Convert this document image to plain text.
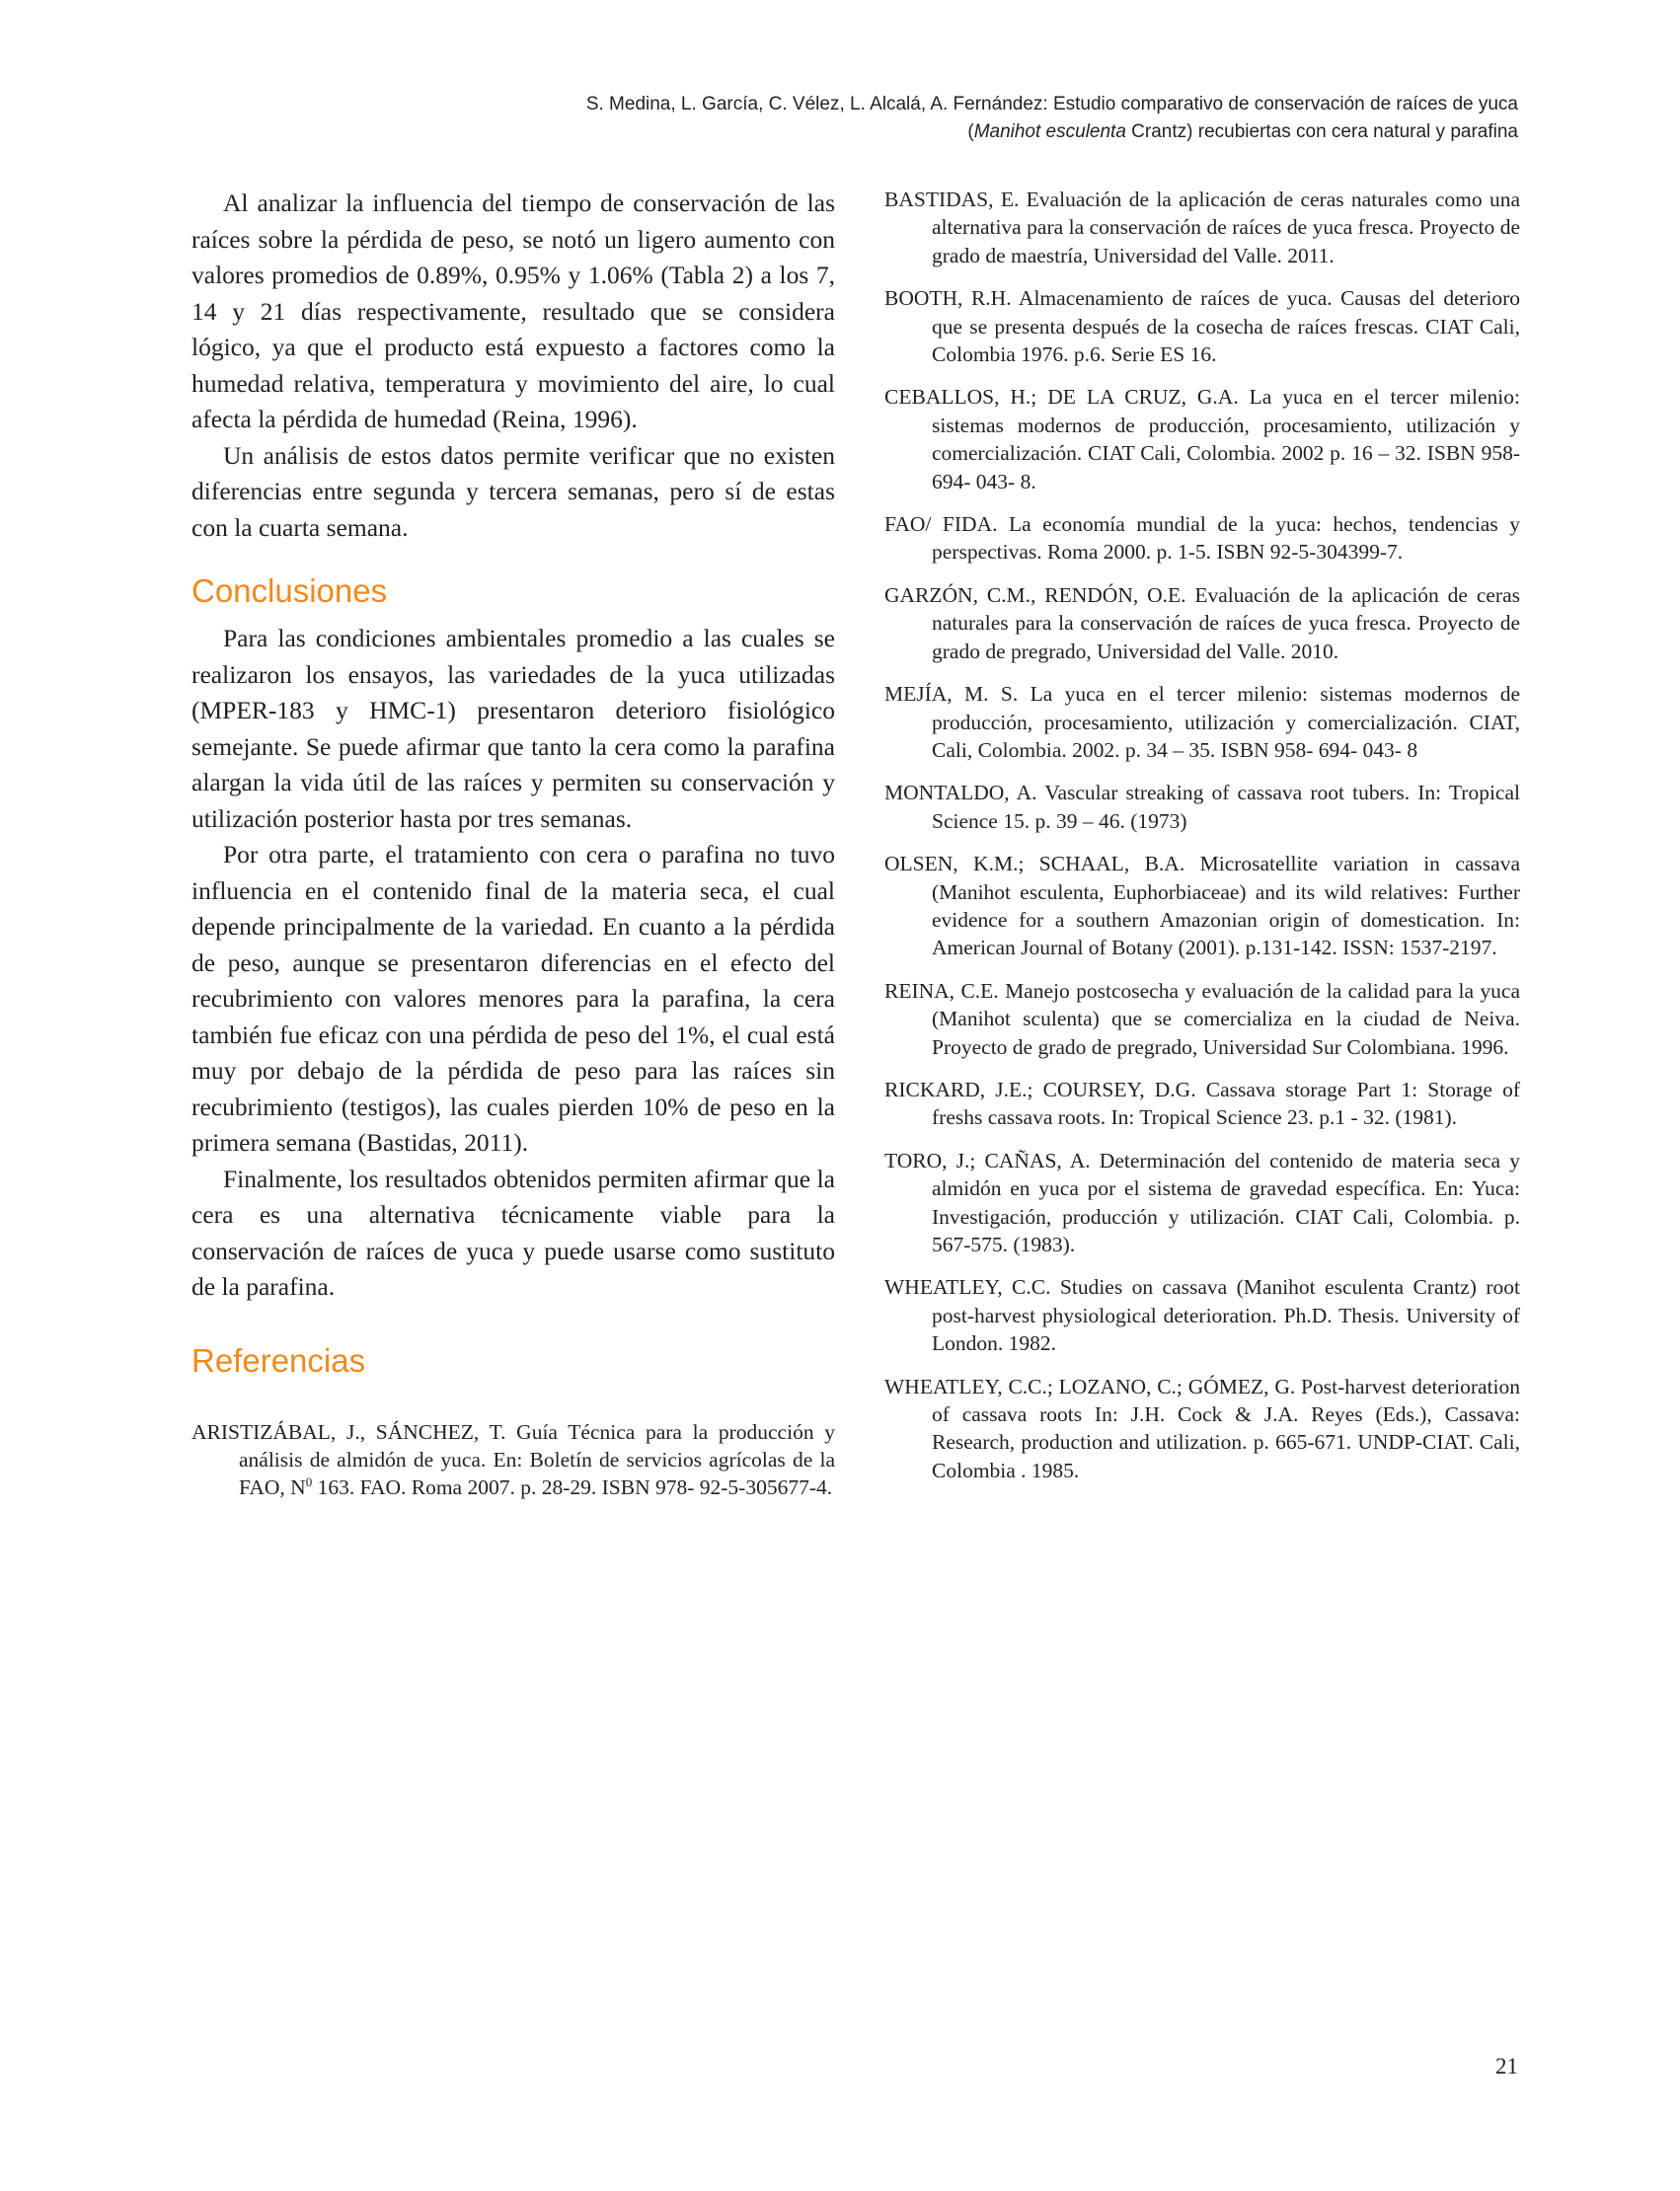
S. Medina, L. García, C. Vélez, L. Alcalá, A. Fernández: Estudio comparativo de conservación de raíces de yuca
(Manihot esculenta Crantz) recubiertas con cera natural y parafina

Al analizar la influencia del tiempo de conservación de las raíces sobre la pérdida de peso, se notó un ligero aumento con valores promedios de 0.89%, 0.95% y 1.06% (Tabla 2) a los 7, 14 y 21 días respectivamente, resultado que se considera lógico, ya que el producto está expuesto a factores como la humedad relativa, temperatura y movimiento del aire, lo cual afecta la pérdida de humedad (Reina, 1996).

Un análisis de estos datos permite verificar que no existen diferencias entre segunda y tercera semanas, pero sí de estas con la cuarta semana.

Conclusiones

Para las condiciones ambientales promedio a las cuales se realizaron los ensayos, las variedades de la yuca utilizadas (MPER-183 y HMC-1) presentaron deterioro fisiológico semejante. Se puede afirmar que tanto la cera como la parafina alargan la vida útil de las raíces y permiten su conservación y utilización posterior hasta por tres semanas.

Por otra parte, el tratamiento con cera o parafina no tuvo influencia en el contenido final de la materia seca, el cual depende principalmente de la variedad. En cuanto a la pérdida de peso, aunque se presentaron diferencias en el efecto del recubrimiento con valores menores para la parafina, la cera también fue eficaz con una pérdida de peso del 1%, el cual está muy por debajo de la pérdida de peso para las raíces sin recubrimiento (testigos), las cuales pierden 10% de peso en la primera semana (Bastidas, 2011).

Finalmente, los resultados obtenidos permiten afirmar que la cera es una alternativa técnicamente viable para la conservación de raíces de yuca y puede usarse como sustituto de la parafina.

Referencias

ARISTIZÁBAL, J., SÁNCHEZ, T. Guía Técnica para la producción y análisis de almidón de yuca. En: Boletín de servicios agrícolas de la FAO, $N^0$ 163. FAO. Roma 2007. p. 28-29. ISBN 978- 92-5-305677-4.

BASTIDAS, E. Evaluación de la aplicación de ceras naturales como una alternativa para la conservación de raíces de yuca fresca. Proyecto de grado de maestría, Universidad del Valle. 2011.

BOOTH, R.H. Almacenamiento de raíces de yuca. Causas del deterioro que se presenta después de la cosecha de raíces frescas. CIAT Cali, Colombia 1976. p.6. Serie ES 16.

CEBALLOS, H.; DE LA CRUZ, G.A. La yuca en el tercer milenio: sistemas modernos de producción, procesamiento, utilización y comercialización. CIAT Cali, Colombia. 2002 p. 16 – 32. ISBN 958- 694- 043- 8.

FAO/ FIDA. La economía mundial de la yuca: hechos, tendencias y perspectivas. Roma 2000. p. 1-5. ISBN 92-5-304399-7.

GARZÓN, C.M., RENDÓN, O.E. Evaluación de la aplicación de ceras naturales para la conservación de raíces de yuca fresca. Proyecto de grado de pregrado, Universidad del Valle. 2010.

MEJÍA, M. S. La yuca en el tercer milenio: sistemas modernos de producción, procesamiento, utilización y comercialización. CIAT, Cali, Colombia. 2002. p. 34 – 35. ISBN 958- 694- 043- 8

MONTALDO, A. Vascular streaking of cassava root tubers. In: Tropical Science 15. p. 39 – 46. (1973)

OLSEN, K.M.; SCHAAL, B.A. Microsatellite variation in cassava (Manihot esculenta, Euphorbiaceae) and its wild relatives: Further evidence for a southern Amazonian origin of domestication. In: American Journal of Botany (2001). p.131-142. ISSN: 1537-2197.

REINA, C.E. Manejo postcosecha y evaluación de la calidad para la yuca (Manihot sculenta) que se comercializa en la ciudad de Neiva. Proyecto de grado de pregrado, Universidad Sur Colombiana. 1996.

RICKARD, J.E.; COURSEY, D.G. Cassava storage Part 1: Storage of freshs cassava roots. In: Tropical Science 23. p.1 - 32. (1981).

TORO, J.; CAÑAS, A. Determinación del contenido de materia seca y almidón en yuca por el sistema de gravedad específica. En: Yuca: Investigación, producción y utilización. CIAT Cali, Colombia. p. 567-575. (1983).

WHEATLEY, C.C. Studies on cassava (Manihot esculenta Crantz) root post-harvest physiological deterioration. Ph.D. Thesis. University of London. 1982.

WHEATLEY, C.C.; LOZANO, C.; GÓMEZ, G. Post-harvest deterioration of cassava roots In: J.H. Cock & J.A. Reyes (Eds.), Cassava: Research, production and utilization. p. 665-671. UNDP-CIAT. Cali, Colombia . 1985.

21
